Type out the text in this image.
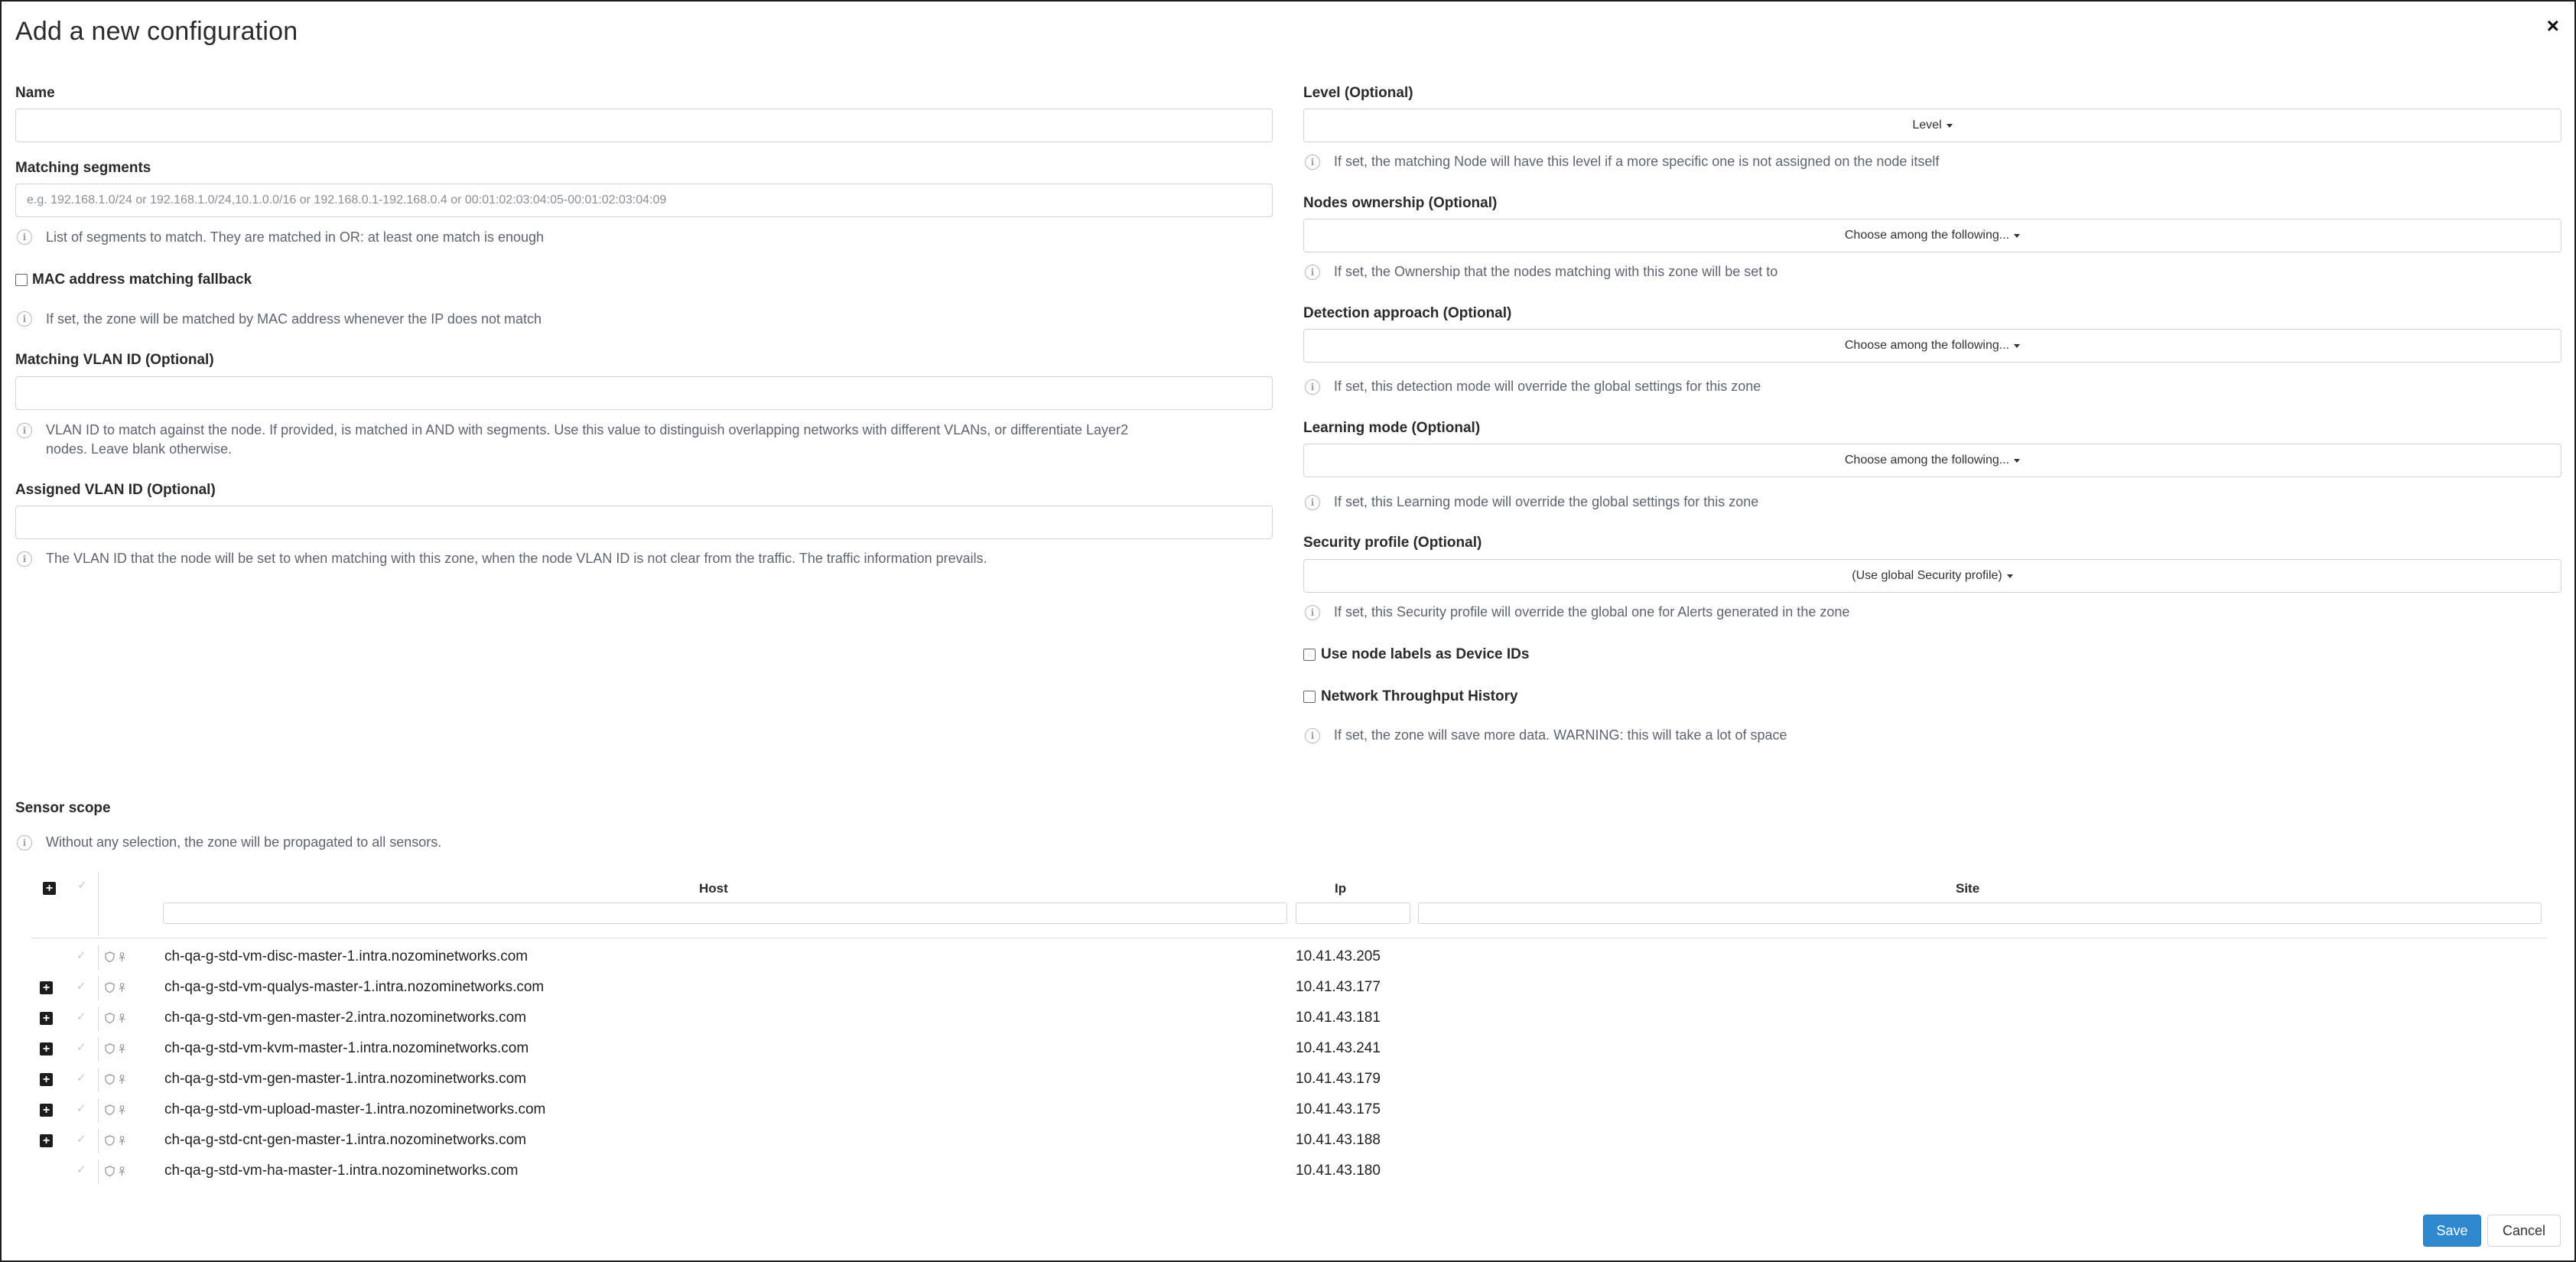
Add a new configuration	×
Name
Matching segments
e.g. 192.168.1.0/24 or 192.168.1.0/24,10.1.0.0/16 or 192.168.0.1-192.168.0.4 or 00:01:02:03:04:05-00:01:02:03:04:09
i	List of segments to match. They are matched in OR: at least one match is enough
MAC address matching fallback
i	If set, the zone will be matched by MAC address whenever the IP does not match
Matching VLAN ID (Optional)
i	VLAN ID to match against the node. If provided, is matched in AND with segments. Use this value to distinguish overlapping networks with different VLANs, or differentiate Layer2
nodes. Leave blank otherwise.
Assigned VLAN ID (Optional)
i	The VLAN ID that the node will be set to when matching with this zone, when the node VLAN ID is not clear from the traffic. The traffic information prevails.
Level (Optional)
Level
i	If set, the matching Node will have this level if a more specific one is not assigned on the node itself
Nodes ownership (Optional)
Choose among the following...
i	If set, the Ownership that the nodes matching with this zone will be set to
Detection approach (Optional)
Choose among the following...
i	If set, this detection mode will override the global settings for this zone
Learning mode (Optional)
Choose among the following...
i	If set, this Learning mode will override the global settings for this zone
Security profile (Optional)
(Use global Security profile)
i	If set, this Security profile will override the global one for Alerts generated in the zone
Use node labels as Device IDs
Network Throughput History
i	If set, the zone will save more data. WARNING: this will take a lot of space
Sensor scope
i	Without any selection, the zone will be propagated to all sensors.
+ ✓	Host	Ip	Site
✓	ch-qa-g-std-vm-disc-master-1.intra.nozominetworks.com	10.41.43.205
+ ✓	ch-qa-g-std-vm-qualys-master-1.intra.nozominetworks.com	10.41.43.177
+ ✓	ch-qa-g-std-vm-gen-master-2.intra.nozominetworks.com	10.41.43.181
+ ✓	ch-qa-g-std-vm-kvm-master-1.intra.nozominetworks.com	10.41.43.241
+ ✓	ch-qa-g-std-vm-gen-master-1.intra.nozominetworks.com	10.41.43.179
+ ✓	ch-qa-g-std-vm-upload-master-1.intra.nozominetworks.com	10.41.43.175
+ ✓	ch-qa-g-std-cnt-gen-master-1.intra.nozominetworks.com	10.41.43.188
✓	ch-qa-g-std-vm-ha-master-1.intra.nozominetworks.com	10.41.43.180
Save	Cancel
